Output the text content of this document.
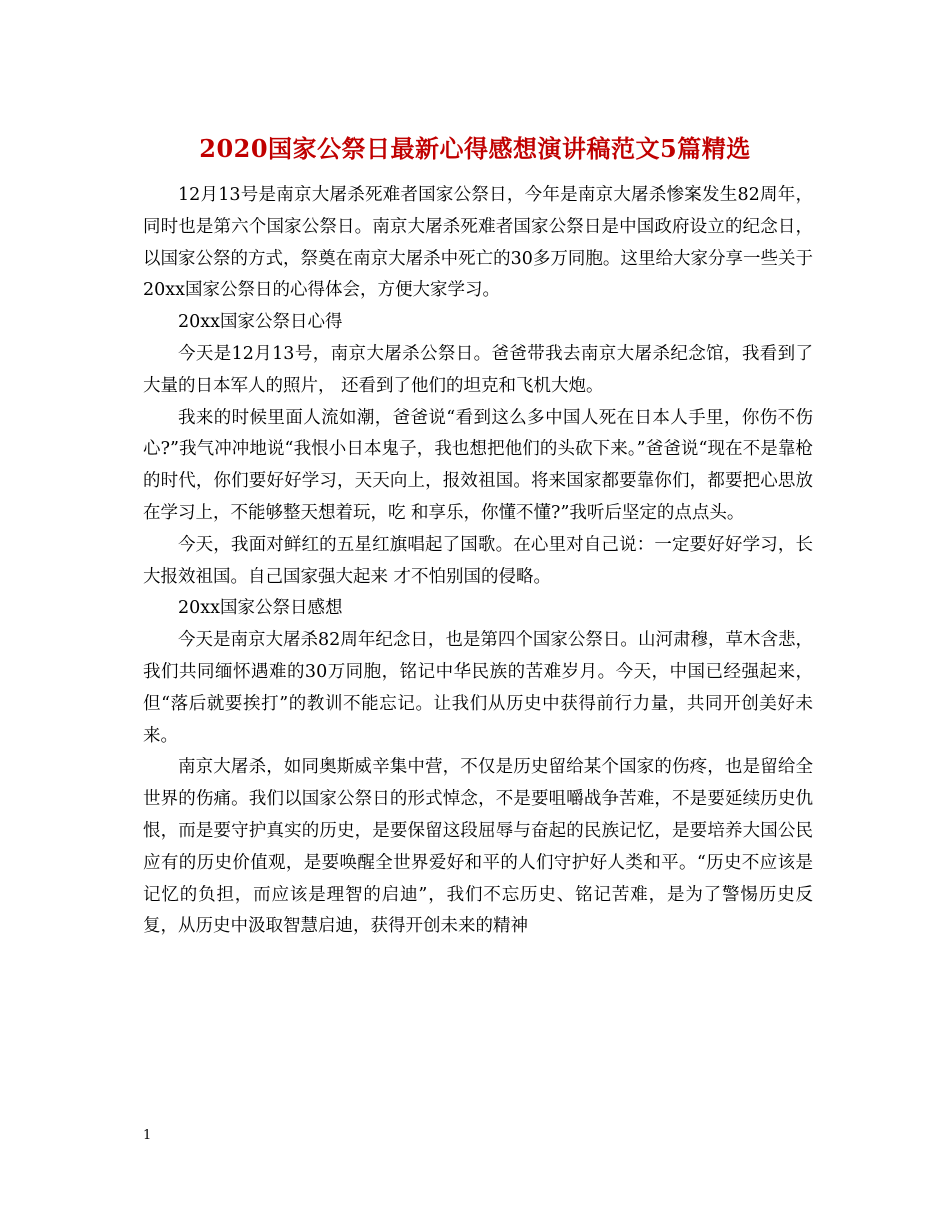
2020国家公祭日最新心得感想演讲稿范文5篇精选

12月13号是南京大屠杀死难者国家公祭日，今年是南京大屠杀惨案发生82周年，同时也是第六个国家公祭日。南京大屠杀死难者国家公祭日是中国政府设立的纪念日，以国家公祭的方式，祭奠在南京大屠杀中死亡的30多万同胞。这里给大家分享一些关于20xx国家公祭日的心得体会，方便大家学习。

20xx国家公祭日心得

今天是12月13号，南京大屠杀公祭日。爸爸带我去南京大屠杀纪念馆，我看到了大量的日本军人的照片， 还看到了他们的坦克和飞机大炮。

我来的时候里面人流如潮，爸爸说“看到这么多中国人死在日本人手里，你伤不伤心?”我气冲冲地说“我恨小日本鬼子，我也想把他们的头砍下来。”爸爸说“现在不是靠枪的时代，你们要好好学习，天天向上，报效祖国。将来国家都要靠你们，都要把心思放在学习上，不能够整天想着玩，吃 和享乐，你懂不懂?”我听后坚定的点点头。

今天，我面对鲜红的五星红旗唱起了国歌。在心里对自己说：一定要好好学习，长大报效祖国。自己国家强大起来 才不怕别国的侵略。

20xx国家公祭日感想

今天是南京大屠杀82周年纪念日，也是第四个国家公祭日。山河肃穆，草木含悲，我们共同缅怀遇难的30万同胞，铭记中华民族的苦难岁月。今天，中国已经强起来，但“落后就要挨打”的教训不能忘记。让我们从历史中获得前行力量，共同开创美好未来。

南京大屠杀，如同奥斯威辛集中营，不仅是历史留给某个国家的伤疼，也是留给全世界的伤痛。我们以国家公祭日的形式悼念，不是要咀嚼战争苦难，不是要延续历史仇恨，而是要守护真实的历史，是要保留这段屈辱与奋起的民族记忆，是要培养大国公民应有的历史价值观，是要唤醒全世界爱好和平的人们守护好人类和平。“历史不应该是记忆的负担，而应该是理智的启迪”，我们不忘历史、铭记苦难，是为了警惕历史反复，从历史中汲取智慧启迪，获得开创未来的精神

1
